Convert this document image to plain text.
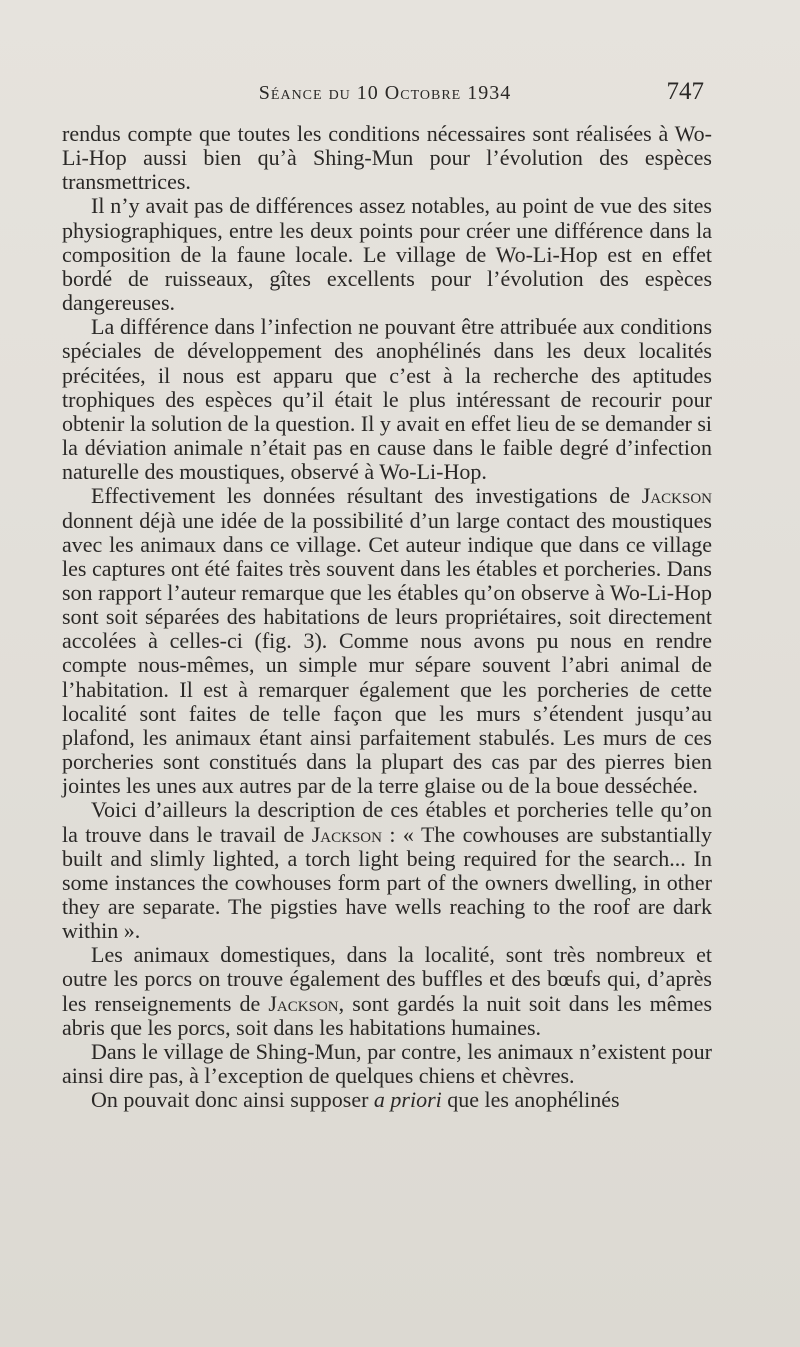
Séance du 10 Octobre 1934	747

rendus compte que toutes les conditions nécessaires sont réalisées à Wo-Li-Hop aussi bien qu’à Shing-Mun pour l’évolution des espèces transmettrices.

Il n’y avait pas de différences assez notables, au point de vue des sites physiographiques, entre les deux points pour créer une différence dans la composition de la faune locale. Le village de Wo-Li-Hop est en effet bordé de ruisseaux, gîtes excellents pour l’évolution des espèces dangereuses.

La différence dans l’infection ne pouvant être attribuée aux conditions spéciales de développement des anophélinés dans les deux localités précitées, il nous est apparu que c’est à la recherche des aptitudes trophiques des espèces qu’il était le plus intéressant de recourir pour obtenir la solution de la question. Il y avait en effet lieu de se demander si la déviation animale n’était pas en cause dans le faible degré d’infection naturelle des moustiques, observé à Wo-Li-Hop.

Effectivement les données résultant des investigations de Jackson donnent déjà une idée de la possibilité d’un large contact des moustiques avec les animaux dans ce village. Cet auteur indique que dans ce village les captures ont été faites très souvent dans les étables et porcheries. Dans son rapport l’auteur remarque que les étables qu’on observe à Wo-Li-Hop sont soit séparées des habitations de leurs propriétaires, soit directement accolées à celles-ci (fig. 3). Comme nous avons pu nous en rendre compte nous-mêmes, un simple mur sépare souvent l’abri animal de l’habitation. Il est à remarquer également que les porcheries de cette localité sont faites de telle façon que les murs s’étendent jusqu’au plafond, les animaux étant ainsi parfaitement stabulés. Les murs de ces porcheries sont constitués dans la plupart des cas par des pierres bien jointes les unes aux autres par de la terre glaise ou de la boue desséchée.

Voici d’ailleurs la description de ces étables et porcheries telle qu’on la trouve dans le travail de Jackson : « The cowhouses are substantially built and slimly lighted, a torch light being required for the search... In some instances the cowhouses form part of the owners dwelling, in other they are separate. The pigsties have wells reaching to the roof are dark within ».

Les animaux domestiques, dans la localité, sont très nombreux et outre les porcs on trouve également des buffles et des bœufs qui, d’après les renseignements de Jackson, sont gardés la nuit soit dans les mêmes abris que les porcs, soit dans les habitations humaines.

Dans le village de Shing-Mun, par contre, les animaux n’existent pour ainsi dire pas, à l’exception de quelques chiens et chèvres.

On pouvait donc ainsi supposer a priori que les anophélinés
